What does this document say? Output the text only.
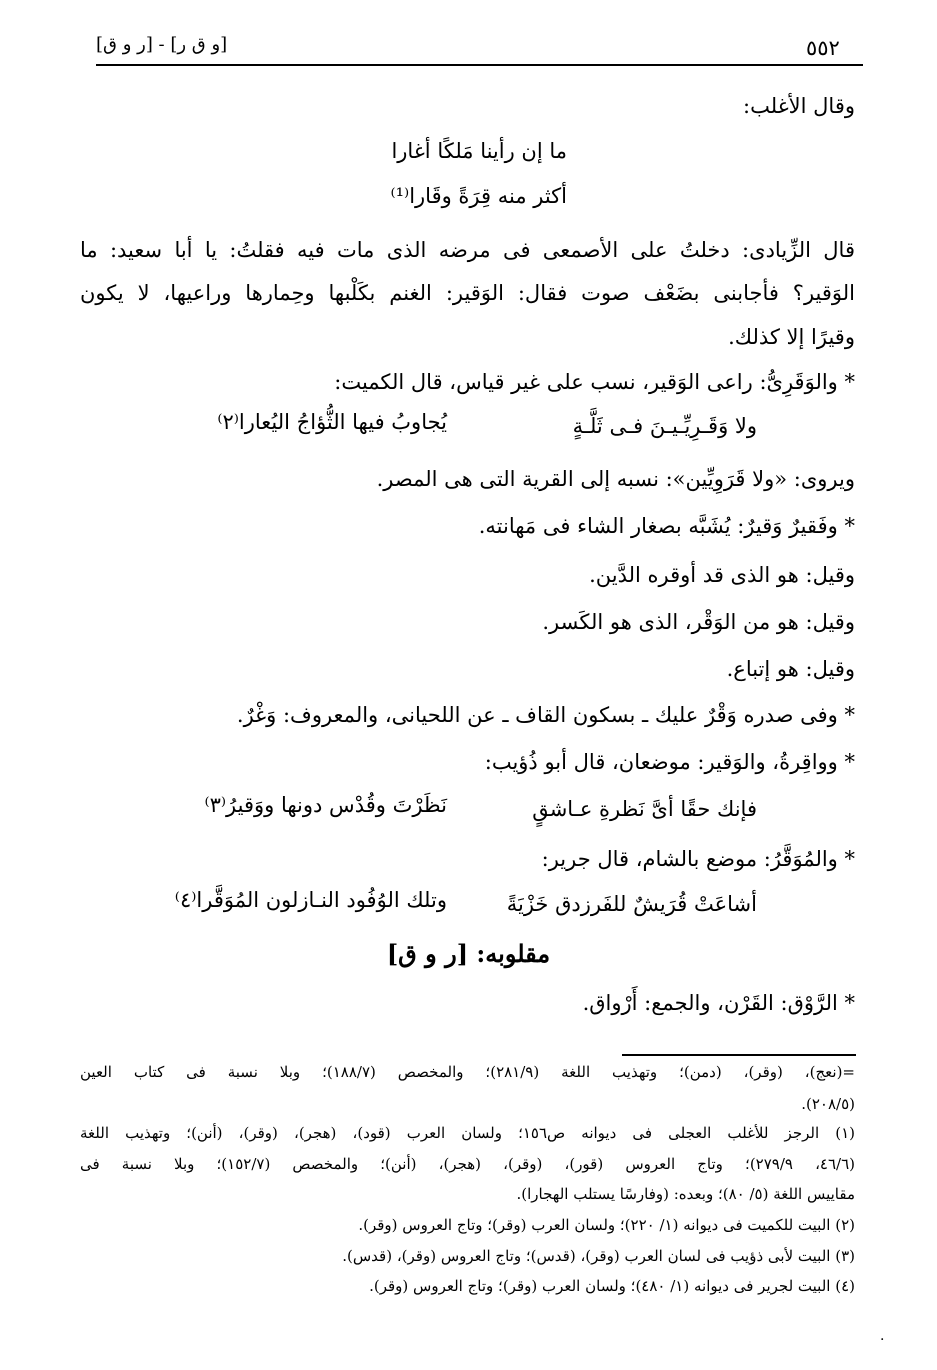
٥٥٢
[و ق ر] - [ر و ق]
وقال الأغلب:
ما إن رأينا مَلكًا أغارا
أكثر منه قِرَةً وقَارا⁽¹⁾
قال الزِّيادى: دخلتُ على الأصمعى فى مرضه الذى مات فيه فقلتُ: يا أبا سعيد: ما
الوَقير؟ فأجابنى بضَعْف صوت فقال: الوَقير: الغنم بكَلْبها وحِمارها وراعيها، لا يكون
وقيرًا إلا كذلك.
* والوَقَرِىُّ: راعى الوَقير، نسب على غير قياس، قال الكميت:
ولا وَقَـرِيِّـيـنَ فـى ثَلَّـةٍ
يُجاوبُ فيها الثُّؤاجُ اليُعارا⁽٢⁾
ويروى: «ولا قَرَوِيِّين»: نسبه إلى القرية التى هى المصر.
* وفَقيرٌ وَقيرٌ: يُشَبَّه بصغار الشاء فى مَهانته.
وقيل: هو الذى قد أوقره الدَّين.
وقيل: هو من الوَقْر، الذى هو الكَسر.
وقيل: هو إتباع.
* وفى صدره وَقْرٌ عليك ـ بسكون القاف ـ عن اللحيانى، والمعروف: وَغْرٌ.
* وواقِرةُ، والوَقير: موضعان، قال أبو ذُؤيب:
فإنك حقًا أىَّ نَظرةِ عـاشقٍ
نَظَرْتَ وقُدْس دونها ووَقيرُ⁽٣⁾
* والمُوَقَّرُ: موضع بالشام، قال جرير:
أشاعَتْ قُرَيشٌ للفَرزدق خَزْيَةً
وتلك الوُفُود النـازلون المُوَقَّرا⁽٤⁾
مقلوبه: [ر و ق]
* الرَّوْق: القَرْن، والجمع: أَرْواق.
=(نعج)، (وقر)، (دمن)؛ وتهذيب اللغة (٢٨١/٩)؛ والمخصص (١٨٨/٧)؛ وبلا نسبة فى كتاب العين
(٢٠٨/٥).
(١) الرجز للأغلب العجلى فى ديوانه ص١٥٦؛ ولسان العرب (قود)، (هجر)، (وقر)، (أنن)؛ وتهذيب اللغة
(٤٦/٦، ٢٧٩/٩)؛ وتاج العروس (قور)، (وقر)، (هجر)، (أنن)؛ والمخصص (١٥٢/٧)؛ وبلا نسبة فى
مقاييس اللغة (٥/ ٨٠)؛ وبعده: (وفارسًا يستلب الهجارا).
(٢) البيت للكميت فى ديوانه (١/ ٢٢٠)؛ ولسان العرب (وقر)؛ وتاج العروس (وقر).
(٣) البيت لأبى ذؤيب فى لسان العرب (وقر)، (قدس)؛ وتاج العروس (وقر)، (قدس).
(٤) البيت لجرير فى ديوانه (١/ ٤٨٠)؛ ولسان العرب (وقر)؛ وتاج العروس (وقر).
·
